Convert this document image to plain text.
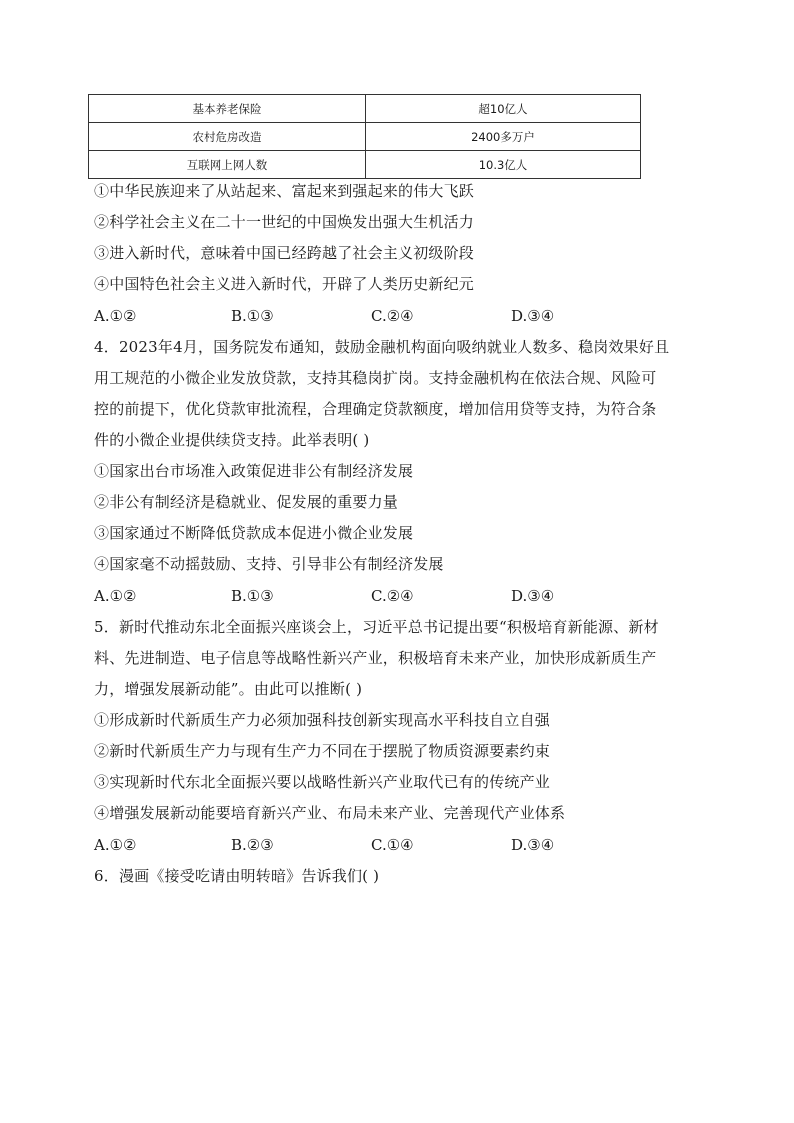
基本养老保险	超10亿人
农村危房改造	2400多万户
互联网上网人数	10.3亿人
①中华民族迎来了从站起来、富起来到强起来的伟大飞跃
②科学社会主义在二十一世纪的中国焕发出强大生机活力
③进入新时代，意味着中国已经跨越了社会主义初级阶段
④中国特色社会主义进入新时代，开辟了人类历史新纪元
A.①②	B.①③	C.②④	D.③④
4．2023年4月，国务院发布通知，鼓励金融机构面向吸纳就业人数多、稳岗效果好且
用工规范的小微企业发放贷款，支持其稳岗扩岗。支持金融机构在依法合规、风险可
控的前提下，优化贷款审批流程，合理确定贷款额度，增加信用贷等支持，为符合条
件的小微企业提供续贷支持。此举表明( )
①国家出台市场准入政策促进非公有制经济发展
②非公有制经济是稳就业、促发展的重要力量
③国家通过不断降低贷款成本促进小微企业发展
④国家毫不动摇鼓励、支持、引导非公有制经济发展
A.①②	B.①③	C.②④	D.③④
5．新时代推动东北全面振兴座谈会上，习近平总书记提出要“积极培育新能源、新材
料、先进制造、电子信息等战略性新兴产业，积极培育未来产业，加快形成新质生产
力，增强发展新动能”。由此可以推断( )
①形成新时代新质生产力必须加强科技创新实现高水平科技自立自强
②新时代新质生产力与现有生产力不同在于摆脱了物质资源要素约束
③实现新时代东北全面振兴要以战略性新兴产业取代已有的传统产业
④增强发展新动能要培育新兴产业、布局未来产业、完善现代产业体系
A.①②	B.②③	C.①④	D.③④
6．漫画《接受吃请由明转暗》告诉我们( )
